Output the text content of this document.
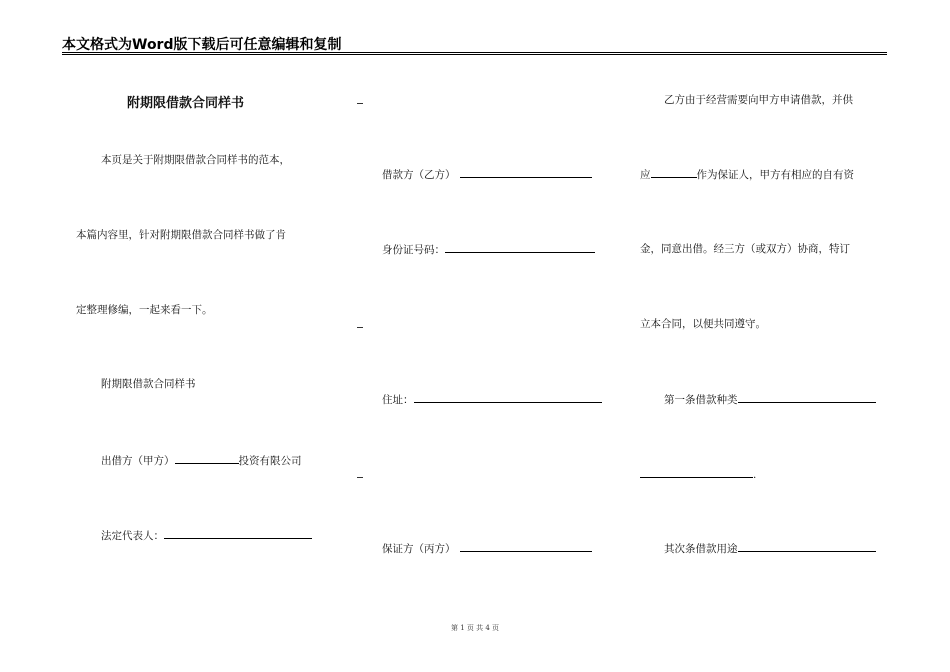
本文格式为Word版下载后可任意编辑和复制
附期限借款合同样书
本页是关于附期限借款合同样书的范本，
本篇内容里，针对附期限借款合同样书做了肯
定整理修编，一起来看一下。
附期限借款合同样书
出借方（甲方）	投资有限公司
法定代表人：
借款方（乙方）
身份证号码：
住址：
保证方（丙方）
乙方由于经营需要向甲方申请借款，并供
应	作为保证人，甲方有相应的自有资
金，同意出借。经三方（或双方）协商，特订
立本合同，以便共同遵守。
第一条借款种类
.
其次条借款用途
第 1 页 共 4 页
